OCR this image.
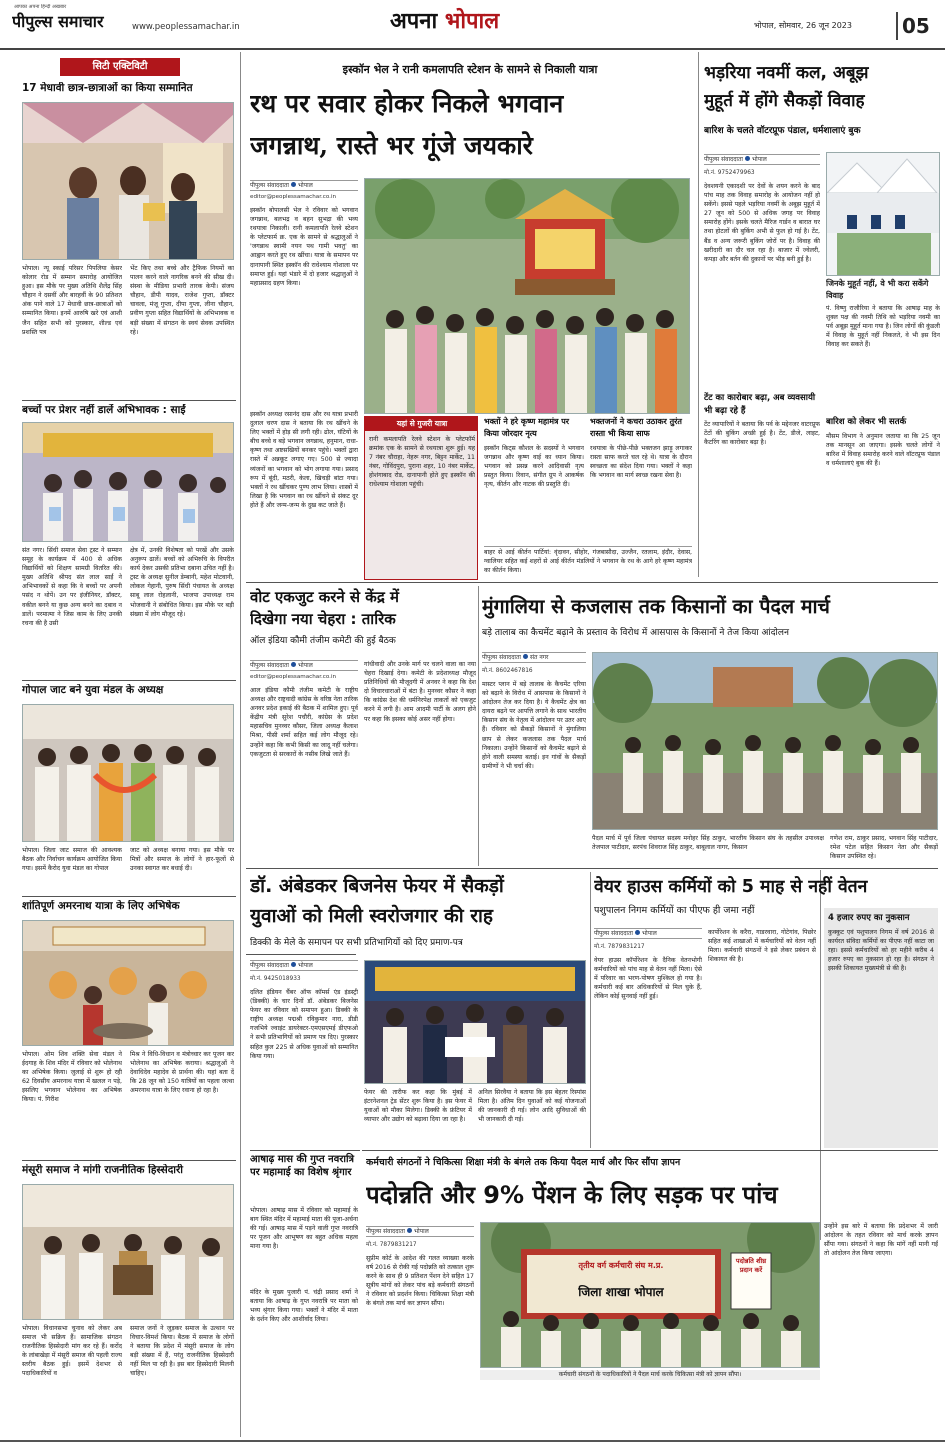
पीपुल्स समाचार
आपका अपना हिन्दी अखबार
www.peoplessamachar.in	अपना भोपाल	भोपाल, सोमवार, 26 जून 2023	05
सिटी एक्टिविटी
17 मेधावी छात्र-छात्राओं का किया सम्मानित
भोपाल। न्यू स्काई परिसर पिपलिया केसर कोलार रोड में सम्मान समारोह आयोजित हुआ। इस मौके पर मुख्य अतिथि शैलेंद्र सिंह चौहान ने दसवीं और बारहवीं के 90 प्रतिशत अंक पाने वाले 17 मेधावी छात्र-छात्राओं को सम्मानित किया। इनमें आरुषि खरे एवं आशी जैन सहित सभी को पुरस्कार, शील्ड एवं प्रशस्ति पत्र
भेंट किए तथा बच्चे और ट्रैफिक नियमों का पालन करने वाले नागरिक बनने की सीख दी। संस्था के मीडिया प्रभारी तारक केपी। संजय चौहान, डीपी यादव, राजेश गुप्ता, डॉक्टर चावला, मंजू गुप्ता, दीपा गुप्ता, लीना चौहान, प्रवीण गुप्ता सहित विद्यार्थियों के अभिभावक व बड़ी संख्या में संगठन के स्वयं सेवक उपस्थित रहे।
बच्चों पर प्रेशर नहीं डालें अभिभावक : साईं
संत नगर। सिंधी समाज सेवा ट्रस्ट ने सम्मान समूह के कार्यक्रम में 400 से अधिक विद्यार्थियों को शिक्षण सामग्री वितरित की। मुख्य अतिथि श्रीपद संत लाल साईं ने अभिभावकों से कहा कि वे बच्चों पर अपनी पसंद न थोपें। उन पर इंजीनियर, डॉक्टर, वकील बनने या कुछ अन्य बनने का दबाव न डालें। परमात्मा ने जिस काम के लिए उनकी रचना की है उसी
क्षेत्र में, उनकी विशेषता को परखें और उसके अनुरूप ढालें। बच्चों को अभिरुचि के विपरीत कार्य देकर उसकी प्रतिभा दबाना उचित नहीं है। ट्रस्ट के अध्यक्ष सुनील डेम्बानी, महेश मोटवानी, लोकल गेहानी, पुरुष सिंधी पंचायत के अध्यक्ष साबू लाल रोहलानी, भाजपा उपाध्यक्ष राम भोजवानी ने संबोधित किया। इस मौके पर बड़ी संख्या में लोग मौजूद रहे।
गोपाल जाट बने युवा मंडल के अध्यक्ष
भोपाल। जिला जाट समाज की आवश्यक बैठक और निर्वाचन कार्यक्रम आयोजित किया गया। इसमें कैरोद युवा मंडल का गोपाल
जाट को अध्यक्ष बनाया गया। इस मौके पर मित्रों और समाज के लोगों ने हार-फूलों से उनका स्वागत कर बधाई दी।
शांतिपूर्ण अमरनाथ यात्रा के लिए अभिषेक
भोपाल। ओम शिव शक्ति सेवा मंडल ने ईदगाह के शिव मंदिर में रविवार को भोलेनाथ का अभिषेक किया। जुलाई से शुरू हो रही 62 दिवसीय अमरनाथ यात्रा में खलल न पड़े, इसलिए भगवान भोलेनाथ का अभिषेक किया। पं. गिरीश
मिश्र ने विधि-विधान व मंत्रोच्चार कर पूजन कर भोलेनाथ का अभिषेक कराया। श्रद्धालुओं ने देवाधिदेव महादेव से प्रार्थना की। यहां बता दें कि 28 जून को 150 यात्रियों का पहला जत्था अमरनाथ यात्रा के लिए रवाना हो रहा है।
मंसूरी समाज ने मांगी राजनीतिक हिस्सेदारी
भोपाल। विधानसभा चुनाव को लेकर अब समाज भी सक्रिय हैं। सामाजिक संगठन राजनीतिक हिस्सेदारी मांग कर रहे हैं। करोंद के लांबाखेड़ा में मंसूरी समाज की पहली राज्य स्तरीय बैठक हुई। इसमें देशभर से पदाधिकारियों व
समाज जनों ने जुड़कर समाज के उत्थान पर विचार-विमर्श किया। बैठक में समाज के लोगों ने बताया कि प्रदेश में मंसूरी समाज के लोग बड़ी संख्या में हैं, परंतु राजनीतिक हिस्सेदारी नहीं मिल पा रही है। इस बार हिस्सेदारी मिलनी चाहिए।
इस्कॉन भेल ने रानी कमलापति स्टेशन के सामने से निकाली यात्रा
रथ पर सवार होकर निकले भगवान
जगन्नाथ, रास्ते भर गूंजे जयकारे
पीपुल्स संवाददाता भोपाल
editor@peoplessamachar.co.in
इस्कॉन बोपालसी भेल ने रविवार को भगवान जगन्नाथ, बलभद्र व बहन सुभद्रा की भव्य रथयात्रा निकाली। रानी कमलापति रेलवे स्टेशन के प्लेटफार्म क्र. एक के सामने से श्रद्धालुओं ने 'जगन्नाथ स्वामी नयन पथ गामी भवतु' का आह्वान करते हुए रथ खींचा। यात्रा के समापन पर दानापानी स्थित इस्कॉन की राधेश्याम गोशाला पर समाप्त हुई। यहां भंडारे में दो हजार श्रद्धालुओं ने महाप्रसाद ग्रहण किया।
इस्कॉन अध्यक्ष रसानंद दास और रथ यात्रा प्रभारी दुलाल चरण दास ने बताया कि रथ खींचने के लिए भक्तों में होड़ सी लगी रही। ढोल, घंटियों के बीच बच्चे व बड़े भगवान जगन्नाथ, हनुमान, राधा-कृष्ण तथा अष्टसखियों बनकर पहुंचे। भक्तों द्वारा रास्ते में अन्नकूट लगाए गए। 500 से ज्यादा व्यंजनों का भगवान को भोग लगाया गया। प्रसाद रूप में बूंदी, मठरी, केला, खिचड़ी बांटा गया। भक्तों ने रथ खींचकर पुण्य लाभ लिया। शास्त्रों में लिखा है कि भगवान का रथ खींचने से संकट दूर होते हैं और जन्म-जन्म के दुख कट जाते हैं।
यहां से गुजरी यात्रा
रानी कमलापति रेलवे स्टेशन के प्लेटफॉर्म क्रमांक एक के सामने से रथयात्रा शुरू हुई। यह 7 नंबर चौराहा, नेहरू नगर, बिट्टन मार्केट, 11 नंबर, गोविंदपुरा, पुराना शहर, 10 नंबर मार्केट, होशंगाबाद रोड, दानापानी होते हुए इस्कॉन की राधेश्याम गोशाला पहुंची।
भक्तों ने हरे कृष्ण महामंत्र पर किया जोरदार नृत्य
इस्कॉन किट्स कौशल के सदस्यों ने भगवान जगन्नाथ और कृष्ण वाई का ध्यान किया। भगवान को प्रसन्न करने आदिवासी नृत्य प्रस्तुत किया। रिवान, संगीत ग्रुप ने आकर्षक नृत्य, कीर्तन और नाटक की प्रस्तुति दी।
भक्तजनों ने कचरा उठाकर तुरंत रास्ता भी किया साफ
रथयात्रा के पीछे-पीछे भक्तजन झाड़ू लगाकर रास्ता साफ करते चल रहे थे। यात्रा के दौरान स्वच्छता का संदेश दिया गया। भक्तों ने कहा कि भगवान का मार्ग स्वच्छ रखना सेवा है।
बाहर से आई कीर्तन पार्टियां: वृंदावन, सीहोर, गंजबासौदा, उज्जैन, रतलाम, इंदौर, देवास, ग्वालियर सहित कई शहरों से आई कीर्तन मंडलियों ने भगवान के रथ के आगे हरे कृष्ण महामंत्र का कीर्तन किया।
भड़रिया नवमीं कल, अबूझ
मुहूर्त में होंगे सैकड़ों विवाह
बारिश के चलते वॉटरप्रूफ पंडाल, धर्मशालाएं बुक
पीपुल्स संवाददाता भोपाल
मो.नं. 9752479963
देवशयनी एकादशी पर देवों के शयन करने के बाद पांच माह तक विवाह समारोह के आयोजन नहीं हो सकेंगे। इससे पहले भड़रिया नवमीं के अबूझ मुहूर्त में 27 जून को 500 से अधिक जगह पर विवाह समारोह होंगे। इसके चलते मैरिज गार्डन व बारात घर तथा होटलों की बुकिंग अभी से फुल हो गई है। टेंट, बैंड व अन्य जरूरी बुकिंग जोरों पर है। विवाह की खरीदारी का दौर चल रहा है। बाजार में ज्वेलरी, कपड़ा और बर्तन की दुकानों पर भीड़ बनी हुई है।
जिनके मुहूर्त नहीं, वे भी करा सकेंगे विवाह
पं. विष्णु राजौरिया ने बताया कि आषाढ़ माह के शुक्ल पक्ष की नवमी तिथि को भड़रिया नवमी का पर्व अबूझ मुहूर्त माना गया है। जिन लोगों की कुंडली में विवाह के मुहूर्त नहीं निकलते, वे भी इस दिन विवाह कर सकते हैं।
टेंट का कारोबार बढ़ा, अब व्यवसायी भी बढ़ा रहे हैं
टेंट व्यापारियों ने बताया कि पर्व के मद्देनजर वाटरप्रूफ टेंटों की बुकिंग अच्छी हुई है। टेंट, डीजे, लाइट, कैटरिंग का कारोबार बढ़ा है।
बारिश को लेकर भी सतर्क
मौसम विभाग ने अनुमान जताया था कि 25 जून तक मानसून आ जाएगा। इसके चलते लोगों ने बारिश में विवाह समारोह करने वाले वॉटरप्रूफ पंडाल व धर्मशालाएं बुक की हैं।
वोट एकजुट करने से केंद्र में
दिखेगा नया चेहरा : तारिक
ऑल इंडिया कौमी तंजीम कमेटी की हुई बैठक
पीपुल्स संवाददाता भोपाल
editor@peoplessamachar.co.in
आल इंडिया कौमी तंजीम कमेटी के राष्ट्रीय अध्यक्ष और राष्ट्रवादी कांग्रेस के वरिष्ठ नेता तारिक अनवर प्रदेश इकाई की बैठक में शामिल हुए। पूर्व केंद्रीय मंत्री सुरेश पचौरी, कांग्रेस के प्रदेश महासचिव मुनव्वर कौसर, जिला अध्यक्ष कैलाश मिश्रा, पीसी शर्मा सहित कई लोग मौजूद रहे। उन्होंने कहा कि कभी किसी का जादू नहीं चलेगा। एकजुटता से सरकारों के नसीब लिखे जाते हैं।
गांधीवादी और उनके मार्ग पर चलने वाला का नया चेहरा दिखाई देगा। कमेटी के प्रदेशाध्यक्ष मौजूद प्रतिनिधियों की मौजूदगी में अनवर ने कहा कि देश दो विचारधाराओं में बंटा है। मुनव्वर कौसर ने कहा कि कांग्रेस देश की धर्मनिरपेक्ष ताकतों को एकजुट करने में लगी है। आम आदमी पार्टी के अलग होने पर कहा कि इसका कोई असर नहीं होगा।
मुंगालिया से कजलास तक किसानों का पैदल मार्च
बड़े तालाब का कैचमेंट बढ़ाने के प्रस्ताव के विरोध में आसपास के किसानों ने तेज किया आंदोलन
पीपुल्स संवाददाता संत नगर
मो.नं. 8602467816
मास्टर प्लान में बड़े तालाब के कैचमेंट एरिया को बढ़ाने के विरोध में आसपास के किसानों ने आंदोलन तेज कर दिया है। ये कैचमेंट क्षेत्र का दायरा बढ़ने पर आपत्ति लगाने के साथ भारतीय किसान संघ के नेतृत्व में आंदोलन पर उतर आए हैं। रविवार को सैकड़ों किसानों ने मुंगालिया छाप से लेकर कजलास तक पैदल मार्च निकाला। उन्होंने किसानों को कैचमेंट बढ़ाने से होने वाली समस्या बताई। इन गांवों के सैकड़ों ग्रामीणों ने भी चर्चा की।
पैदल मार्च में पूर्व जिला पंचायत सदस्य मनोहर सिंह ठाकुर, भारतीय किसान संघ के तहसील उपाध्यक्ष तेजपाल पाटीदार, सरपंच शिवराज सिंह ठाकुर, बाबूलाल नागर, किसान
गणेश राम, ठाकुर प्रसाद, भगवान सिंह पाटीदार, रमेश पटेल सहित किसान नेता और सैकड़ों किसान उपस्थित रहे।
डॉ. अंबेडकर बिजनेस फेयर में सैकड़ों
युवाओं को मिली स्वरोजगार की राह
डिक्की के मेले के समापन पर सभी प्रतिभागियों को दिए प्रमाण-पत्र
पीपुल्स संवाददाता भोपाल
मो.नं. 9425018933
दलित इंडियन चैंबर ऑफ कॉमर्स एंड इंडस्ट्री (डिक्की) के चार दिनों डॉ. अंबेडकर बिजनेस फेयर का रविवार को समापन हुआ। डिक्की के राष्ट्रीय अध्यक्ष पद्मश्री रविकुमार नारा, डीडी गजभिये ज्वाइंट डायरेक्टर-एमएसएमई डीएफओ ने सभी प्रतिभागियों को प्रमाण पत्र दिए। पुरस्कार सहित कुल 225 से अधिक युवाओं को सम्मानित किया गया।
फेयर की तारीफ कर कहा कि मुंबई में इंटरनेशनल ट्रेड सेंटर शुरू किया है। इस फेयर में युवाओं को मौका मिलेगा। डिक्की के फ्रंटियर में व्यापार और उद्योग को बढ़ावा दिया जा रहा है।
अनिल सिरवैया ने बताया कि इस बेहतर रिस्पांस मिला है। अंतिम दिन युवाओं को कई योजनाओं की जानकारी दी गई। लोन आदि सुविधाओं की भी जानकारी दी गई।
आषाढ़ मास की गुप्त नवरात्रि पर महामाई का विशेष श्रृंगार
भोपाल। आषाढ़ मास में रविवार को महामाई के बाग स्थित मंदिर में महामाई माता की पूजा-अर्चना की गई। आषाढ़ मास में पड़ने वाली गुप्त नवरात्रि पर पूजन और आभूषण का बहुत अधिक महत्व माना गया है।
मंदिर के मुख्य पुजारी पं. चंद्री प्रसाद शर्मा ने बताया कि आषाढ़ के गुप्त नवरात्रि पर माता को भव्य श्रृंगार किया गया। भक्तों ने मंदिर में माता के दर्शन किए और आशीर्वाद लिया।
वेयर हाउस कर्मियों को 5 माह से नहीं वेतन
पशुपालन निगम कर्मियों का पीएफ ही जमा नहीं
पीपुल्स संवाददाता भोपाल
मो.नं. 7879831217
वेयर हाउस कॉर्पोरेशन के दैनिक वेतनभोगी कर्मचारियों को पांच माह से वेतन नहीं मिला। ऐसे में परिवार का भरण-पोषण मुश्किल हो गया है। कर्मचारी कई बार अधिकारियों से मिल चुके हैं, लेकिन कोई सुनवाई नहीं हुई।
कार्पोरेशन के करैरा, गाडरवारा, गोटेगांव, पिछोर सहित कई शाखाओं में कर्मचारियों को वेतन नहीं मिला। कर्मचारी संगठनों ने इसे लेकर प्रबंधन से शिकायत की है।
4 हजार रुपए का नुकसान
कुक्कुट एवं पशुपालन निगम में वर्ष 2016 से कार्यरत संविदा कर्मियों का पीएफ नहीं काटा जा रहा। इससे कर्मचारियों को हर महीने करीब 4 हजार रुपए का नुकसान हो रहा है। संगठन ने इसकी शिकायत मुख्यमंत्री से की है।
कर्मचारी संगठनों ने चिकित्सा शिक्षा मंत्री के बंगले तक किया पैदल मार्च और फिर सौंपा ज्ञापन
पदोन्नति और 9% पेंशन के लिए सड़क पर पांच
पीपुल्स संवाददाता भोपाल
मो.नं. 7879831217
सुप्रीम कोर्ट के आदेश की गलत व्याख्या करके वर्ष 2016 से रोकी गई पदोन्नति को तत्काल शुरू करने के साथ ही 9 प्रतिशत पेंशन देने सहित 17 सूत्रीय मांगों को लेकर पांच बड़े कर्मचारी संगठनों ने रविवार को प्रदर्शन किया। चिकित्सा शिक्षा मंत्री के बंगले तक मार्च कर ज्ञापन सौंपा।
तृतीय वर्ग कर्मचारी संघ म.प्र.
जिला शाखा भोपाल
पदोन्नति शीघ्र प्रदान करें
कर्मचारी संगठनों के पदाधिकारियों ने पैदल मार्च करके चिकित्सा मंत्री को ज्ञापन सौंपा।
उन्होंने इस बारे में बताया कि प्रदेशभर में जारी आंदोलन के तहत रविवार को मार्च करके ज्ञापन सौंपा गया। संगठनों ने कहा कि मांगें नहीं मानी गईं तो आंदोलन तेज किया जाएगा।
